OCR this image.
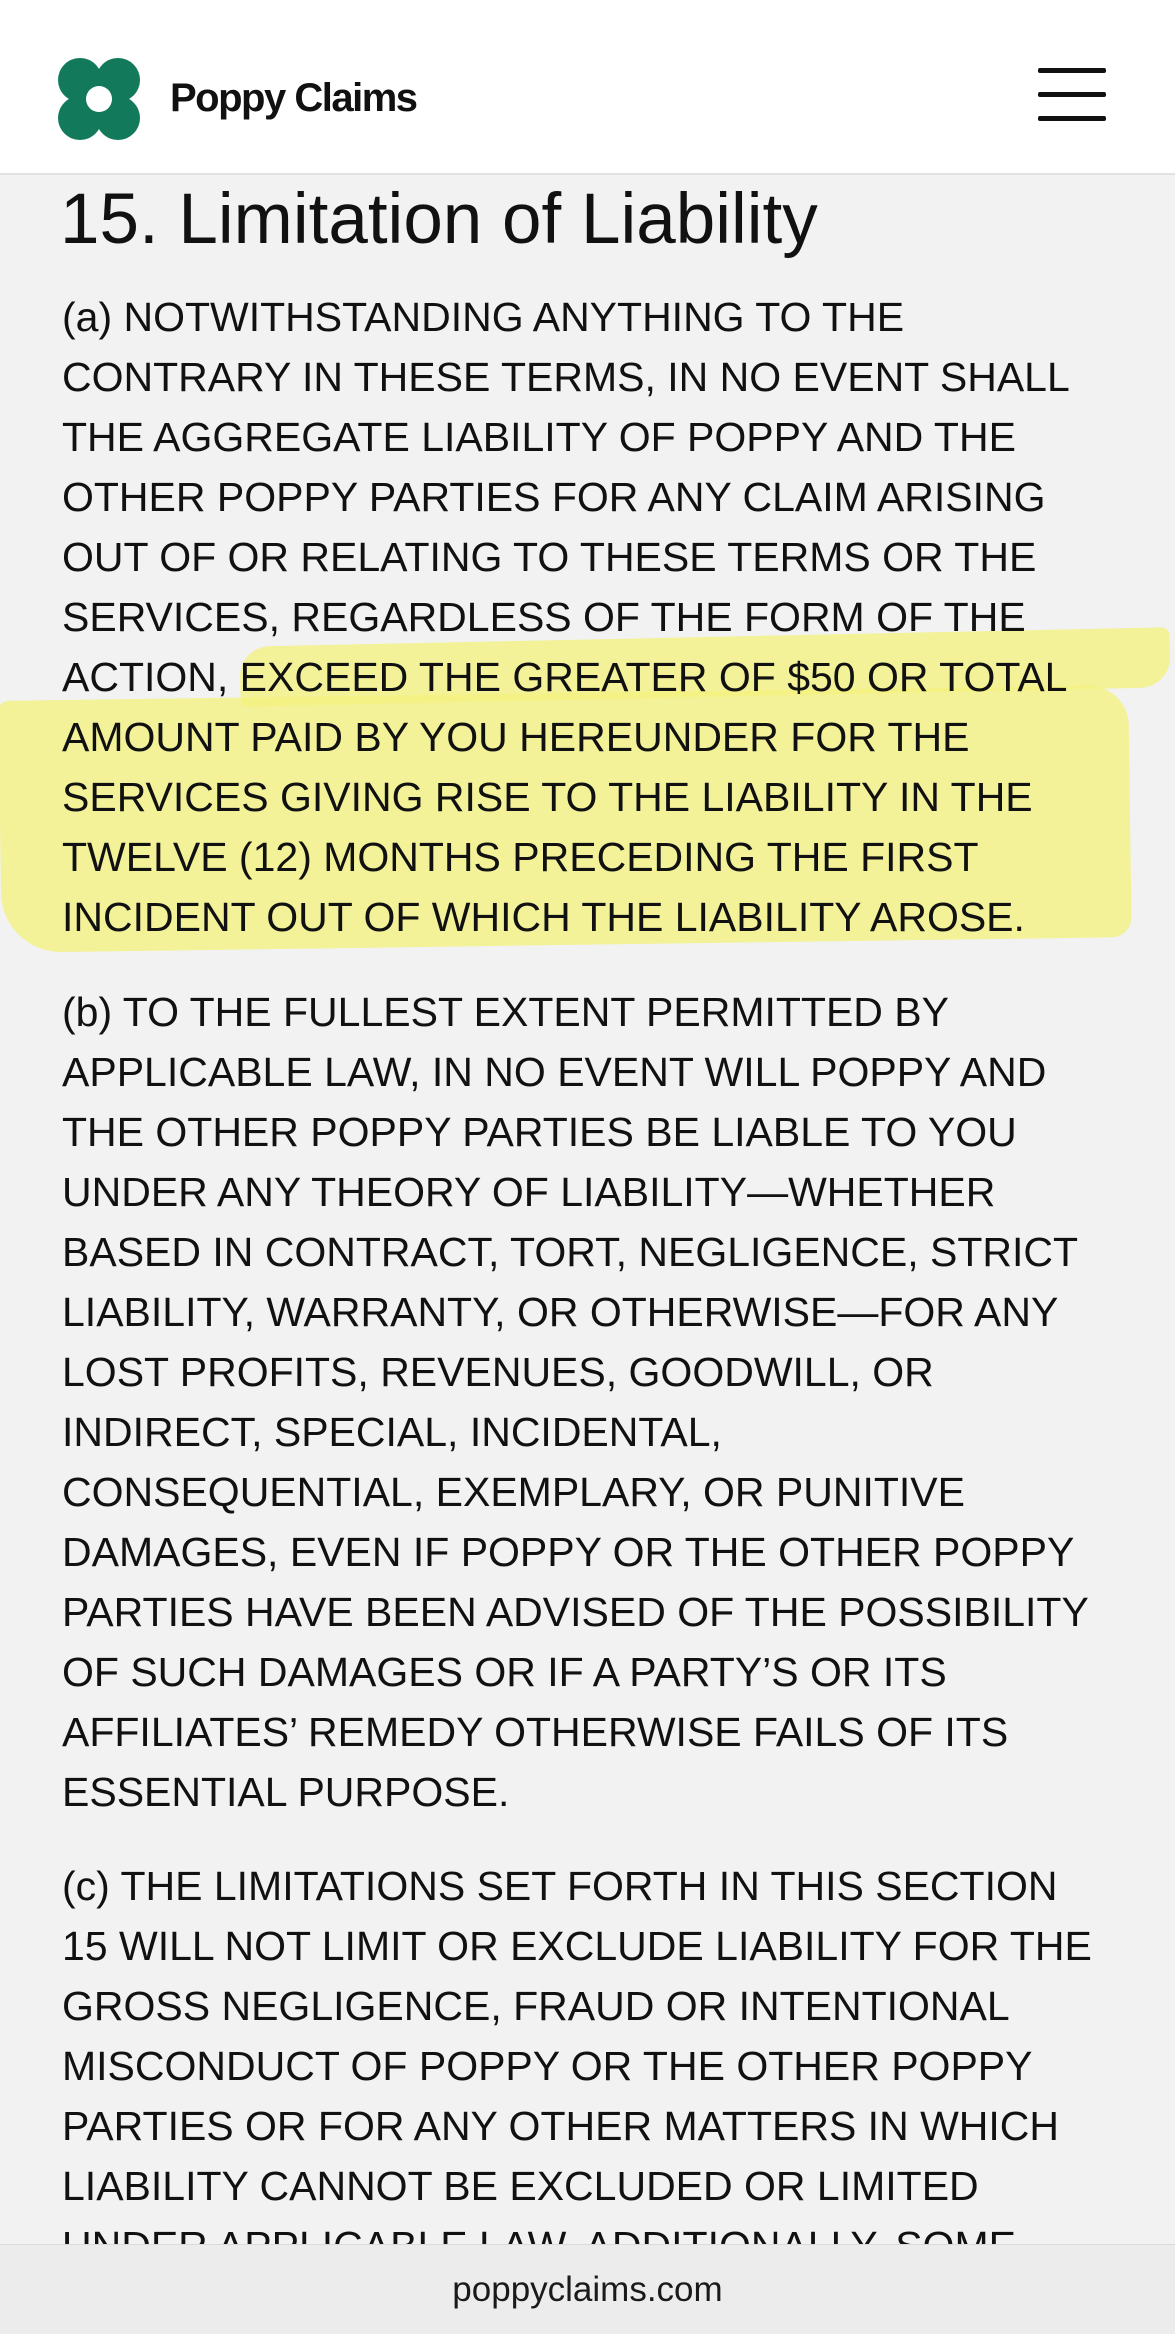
Poppy Claims
15. Limitation of Liability
(a) NOTWITHSTANDING ANYTHING TO THE
CONTRARY IN THESE TERMS, IN NO EVENT SHALL
THE AGGREGATE LIABILITY OF POPPY AND THE
OTHER POPPY PARTIES FOR ANY CLAIM ARISING
OUT OF OR RELATING TO THESE TERMS OR THE
SERVICES, REGARDLESS OF THE FORM OF THE
ACTION, EXCEED THE GREATER OF $50 OR TOTAL
AMOUNT PAID BY YOU HEREUNDER FOR THE
SERVICES GIVING RISE TO THE LIABILITY IN THE
TWELVE (12) MONTHS PRECEDING THE FIRST
INCIDENT OUT OF WHICH THE LIABILITY AROSE.
(b) TO THE FULLEST EXTENT PERMITTED BY
APPLICABLE LAW, IN NO EVENT WILL POPPY AND
THE OTHER POPPY PARTIES BE LIABLE TO YOU
UNDER ANY THEORY OF LIABILITY—WHETHER
BASED IN CONTRACT, TORT, NEGLIGENCE, STRICT
LIABILITY, WARRANTY, OR OTHERWISE—FOR ANY
LOST PROFITS, REVENUES, GOODWILL, OR
INDIRECT, SPECIAL, INCIDENTAL,
CONSEQUENTIAL, EXEMPLARY, OR PUNITIVE
DAMAGES, EVEN IF POPPY OR THE OTHER POPPY
PARTIES HAVE BEEN ADVISED OF THE POSSIBILITY
OF SUCH DAMAGES OR IF A PARTY’S OR ITS
AFFILIATES’ REMEDY OTHERWISE FAILS OF ITS
ESSENTIAL PURPOSE.
(c) THE LIMITATIONS SET FORTH IN THIS SECTION
15 WILL NOT LIMIT OR EXCLUDE LIABILITY FOR THE
GROSS NEGLIGENCE, FRAUD OR INTENTIONAL
MISCONDUCT OF POPPY OR THE OTHER POPPY
PARTIES OR FOR ANY OTHER MATTERS IN WHICH
LIABILITY CANNOT BE EXCLUDED OR LIMITED
poppyclaims.com
